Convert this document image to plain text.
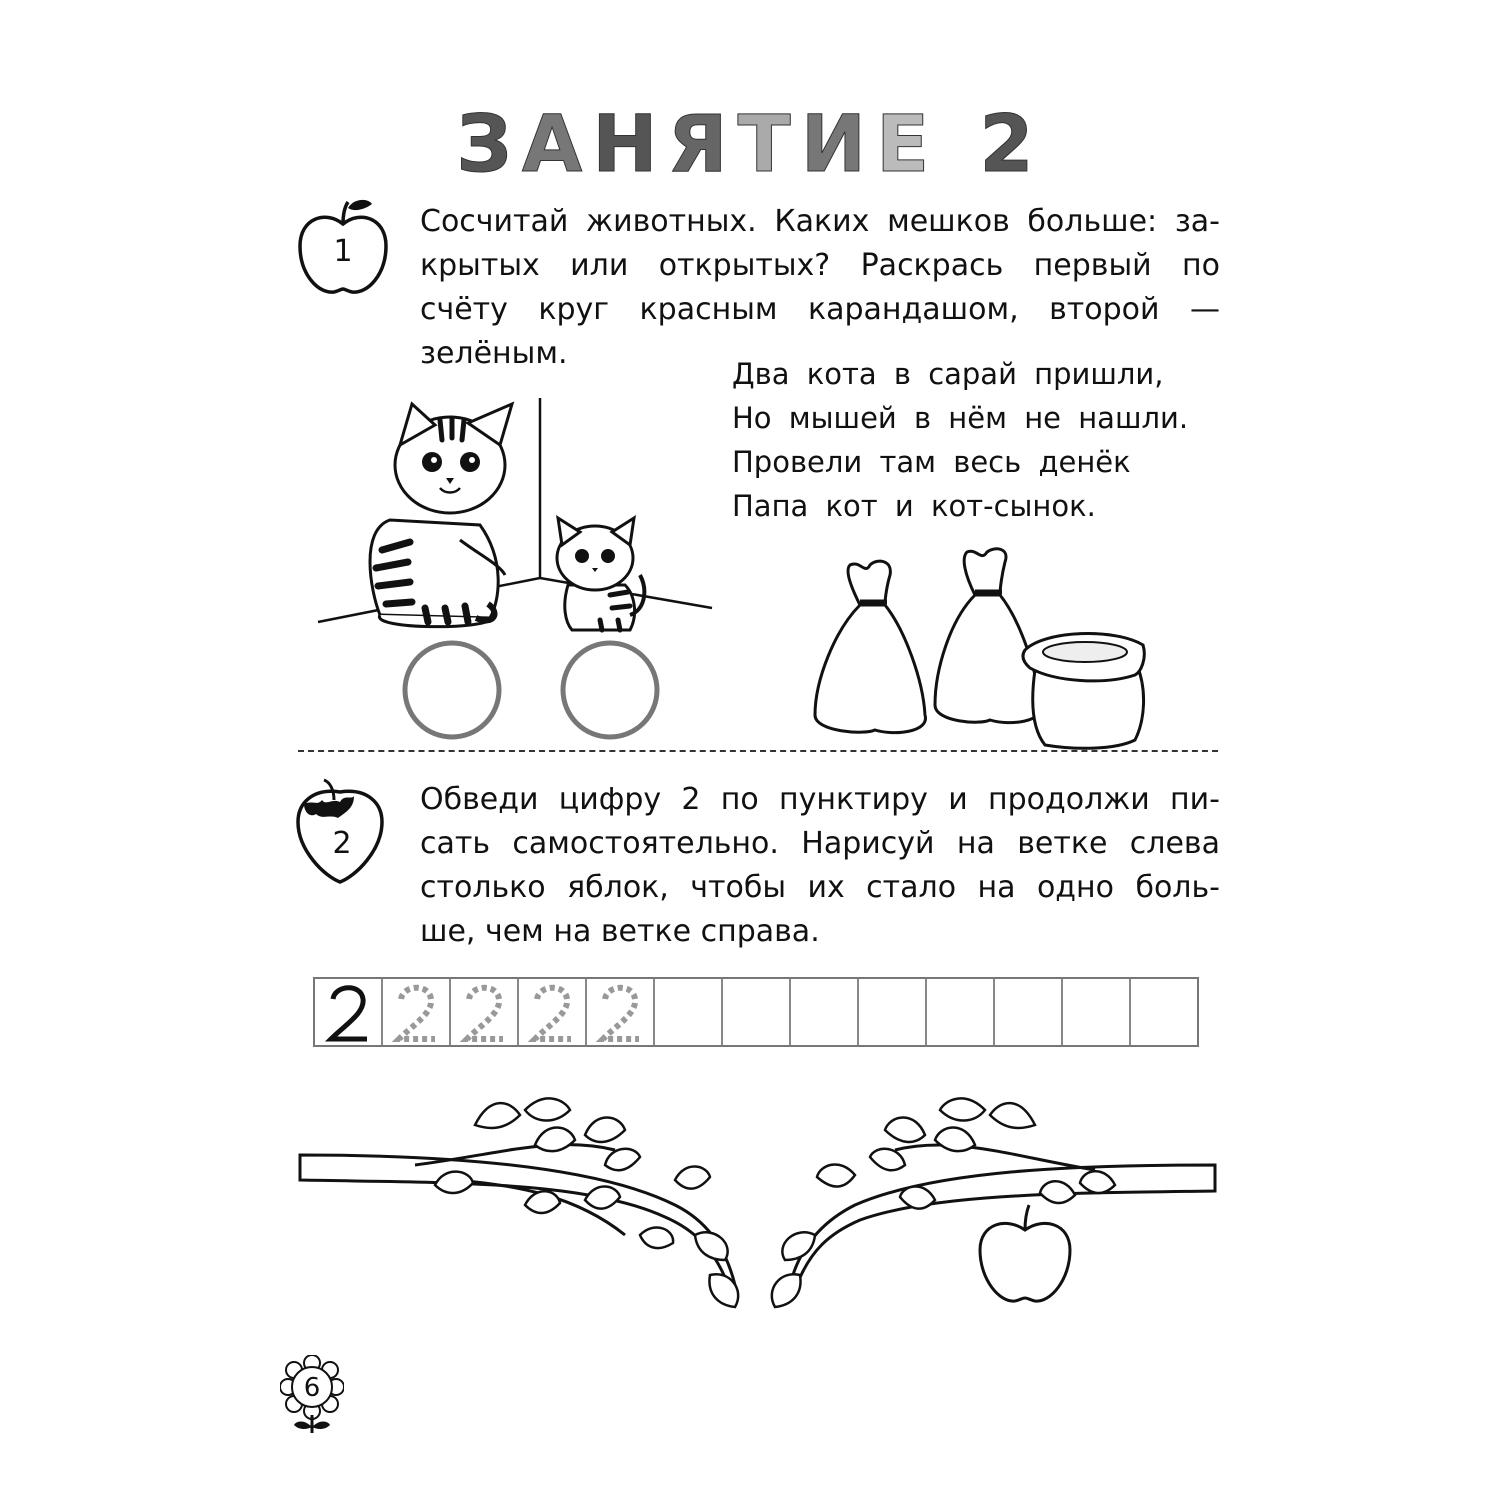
ЗАНЯТИЕ 2
1
Сосчитай животных. Каких мешков больше: за-
крытых или открытых? Раскрась первый по
счёту круг красным карандашом, второй —
зелёным.
Два кота в сарай пришли,
Но мышей в нём не нашли.
Провели там весь денёк
Папа кот и кот-сынок.
2
Обведи цифру 2 по пунктиру и продолжи пи-
сать самостоятельно. Нарисуй на ветке слева
столько яблок, чтобы их стало на одно боль-
ше, чем на ветке справа.
6
